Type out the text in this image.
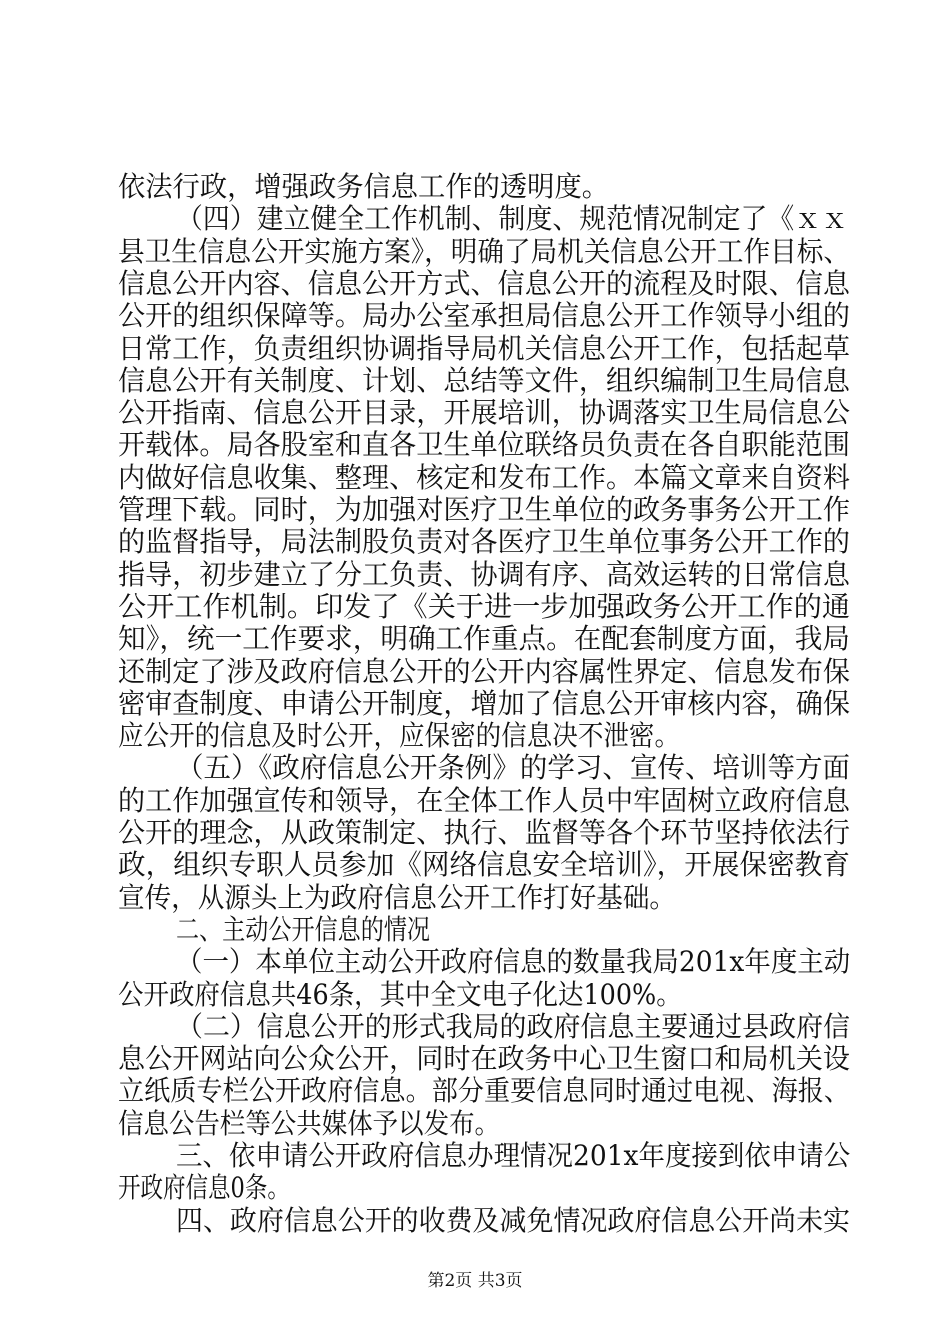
依法行政，增强政务信息工作的透明度。
（四）建立健全工作机制、制度、规范情况制定了《ｘｘ
县卫生信息公开实施方案》，明确了局机关信息公开工作目标、
信息公开内容、信息公开方式、信息公开的流程及时限、信息
公开的组织保障等。局办公室承担局信息公开工作领导小组的
日常工作，负责组织协调指导局机关信息公开工作，包括起草
信息公开有关制度、计划、总结等文件，组织编制卫生局信息
公开指南、信息公开目录，开展培训，协调落实卫生局信息公
开载体。局各股室和直各卫生单位联络员负责在各自职能范围
内做好信息收集、整理、核定和发布工作。本篇文章来自资料
管理下载。同时，为加强对医疗卫生单位的政务事务公开工作
的监督指导，局法制股负责对各医疗卫生单位事务公开工作的
指导，初步建立了分工负责、协调有序、高效运转的日常信息
公开工作机制。印发了《关于进一步加强政务公开工作的通
知》，统一工作要求，明确工作重点。在配套制度方面，我局
还制定了涉及政府信息公开的公开内容属性界定、信息发布保
密审查制度、申请公开制度，增加了信息公开审核内容，确保
应公开的信息及时公开，应保密的信息决不泄密。
（五）《政府信息公开条例》的学习、宣传、培训等方面
的工作加强宣传和领导，在全体工作人员中牢固树立政府信息
公开的理念，从政策制定、执行、监督等各个环节坚持依法行
政，组织专职人员参加《网络信息安全培训》，开展保密教育
宣传，从源头上为政府信息公开工作打好基础。
二、主动公开信息的情况
（一）本单位主动公开政府信息的数量我局201x年度主动
公开政府信息共46条，其中全文电子化达100%。
（二）信息公开的形式我局的政府信息主要通过县政府信
息公开网站向公众公开，同时在政务中心卫生窗口和局机关设
立纸质专栏公开政府信息。部分重要信息同时通过电视、海报、
信息公告栏等公共媒体予以发布。
三、依申请公开政府信息办理情况201x年度接到依申请公
开政府信息0条。
四、政府信息公开的收费及减免情况政府信息公开尚未实
第2页 共3页
